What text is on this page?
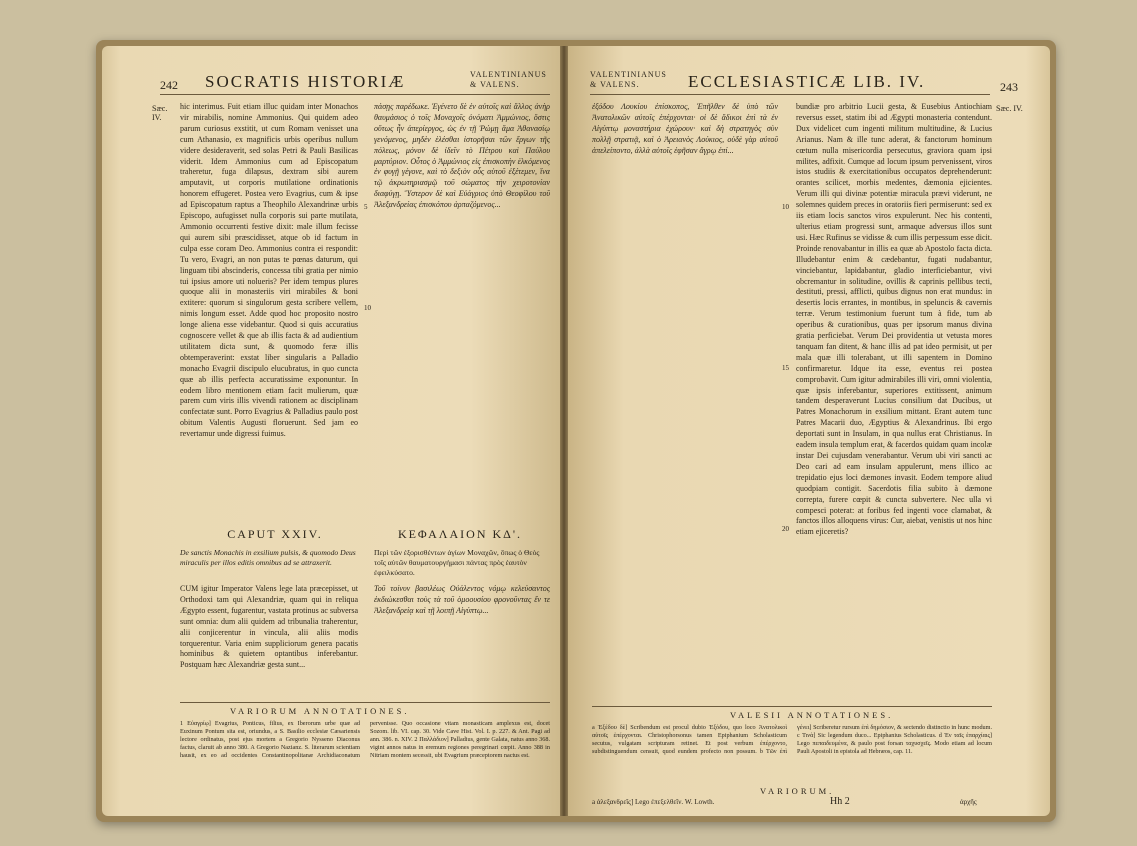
242 SOCRATIS HISTORIÆ	VALENTINIANUS
& VALENS.
Sæc. IV.
hic interimus. Fuit etiam illuc quidam inter Monachos vir mirabilis, nomine Ammonius. Qui quidem adeo parum curiosus exstitit, ut cum Romam venisset una cum Athanasio, ex magnificis urbis operibus nullum videre desideraverit, sed solas Petri & Pauli Basilicas viderit. Idem Ammonius cum ad Episcopatum traheretur, fuga dilapsus, dextram sibi aurem amputavit, ut corporis mutilatione ordinationis honorem effugeret. Postea vero Evagrius, cum & ipse ad Episcopatum raptus a Theophilo Alexandrinæ urbis Episcopo, aufugisset nulla corporis sui parte mutilata, Ammonio occurrenti festive dixit: male illum fecisse qui aurem sibi præscidisset, atque ob id factum in culpa esse coram Deo. Ammonius contra ei respondit: Tu vero, Evagri, an non putas te pœnas daturum, qui linguam tibi abscinderis, concessa tibi gratia per nimio tui ipsius amore uti nolueris? Per idem tempus plures quoque alii in monasteriis viri mirabiles & boni extitere: quorum si singulorum gesta scribere vellem, nimis longum esset. Adde quod hoc proposito nostro longe aliena esse videbantur. Quod si quis accuratius cognoscere vellet & que ab illis facta & ad audientium utilitatem dicta sunt, & quomodo feræ illis obtemperaverint: exstat liber singularis a Palladio monacho Evagrii discipulo elucubratus, in quo cuncta quæ ab illis perfecta accuratissime exponuntur. In eodem libro mentionem etiam facit mulierum, quæ parem cum viris illis vivendi rationem ac disciplinam confectatæ sunt. Porro Evagrius & Palladius paulo post obitum Valentis Augusti floruerunt. Sed jam eo revertamur unde digressi fuimus.
5
10
πάσῃς παρέδωκε. Ἐγένετο δὲ ἐν αὐτοῖς καὶ ἄλλος ἀνὴρ θαυμάσιος ὁ τοῖς Μοναχοῖς ὀνόματι Ἀμμώνιος, ὅστις οὕτως ἦν ἀπερίεργος, ὡς ἐν τῇ Ῥώμῃ ἅμα Ἀθανασίῳ γενόμενος, μηδὲν ἑλέσθαι ἱστορῆσαι τῶν ἔργων τῆς πόλεως, μόνον δὲ ἰδεῖν τὸ Πέτρου καὶ Παύλου μαρτύριον. Οὗτος ὁ Ἀμμώνιος εἰς ἐπισκοπὴν ἑλκόμενος ἐν φυγῇ γέγονε, καὶ τὸ δεξιὸν οὖς αὑτοῦ ἐξέτεμεν, ἵνα τῷ ἀκρωτηριασμῷ τοῦ σώματος τὴν χειροτονίαν διαφύγῃ. Ὕστερον δὲ καὶ Εὐάγριος ὑπὸ Θεοφίλου τοῦ Ἀλεξανδρείας ἐπισκόπου ἁρπαζόμενος...
CAPUT XXIV.	ΚΕΦΑΛΑΙΟΝ ΚΔ'.
De sanctis Monachis in exsilium pulsis, & quomodo Deus miraculis per illos editis omnibus ad se attraxerit.
Περὶ τῶν ἐξορισθέντων ἁγίων Μοναχῶν, ὅπως ὁ Θεὸς τοῖς αὐτῶν θαυματουργήμασι πάντας πρὸς ἑαυτὸν ἐφειλκύσατο.
CUM igitur Imperator Valens lege lata præcepisset, ut Orthodoxi tam qui Alexandriæ, quam qui in reliqua Ægypto essent, fugarentur, vastata protinus ac subversa sunt omnia: dum alii quidem ad tribunalia traherentur, alii conjicerentur in vincula, alii aliis modis torquerentur. Varia enim suppliciorum genera pacatis hominibus & quietem optantibus inferebantur. Postquam hæc Alexandriæ gesta sunt...
Τοῦ τοίνυν βασιλέως Οὐάλεντος νόμῳ κελεύσαντος ἐκδιώκεσθαι τοὺς τὰ τοῦ ὁμοουσίου φρονοῦντας ἔν τε Ἀλεξανδρείᾳ καὶ τῇ λοιπῇ Αἰγύπτῳ...
VARIORUM ANNOTATIONES.
1 Εὐαγρίῳ] Evagrius, Ponticus, filius, ex Iberorum urbe quæ ad Euxinum Pontum sita est, oriundus, a S. Basilio ecclesiæ Cæsariensis lectore ordinatus, post ejus mortem a Gregorio Nysseno Diaconus factus, claruit ab anno 380. A Gregorio Nazianz. S. literarum scientiam hausit, ex eo ad occidentes Constantinopolitanæ Archidiaconatum pervenisse. Quo occasione vitam monasticam amplexus est, docet Sozom. lib. VI. cap. 30. Vide Cave Hist. Vol. I. p. 227. & Ant. Pagi ad ann. 386. n. XIV. 2 Παλλάδιον] Palladius, gente Galata, natus anno 368. vigint annos natus in eremum regiones peregrinari cœpit. Anno 388 in Nitriam montem secessit, ubi Evagrium præceptorem nactus est.
VALENTINIANUS
& VALENS.	ECCLESIASTICÆ LIB. IV.	243
Sæc. IV.
ἐξόδου Λουκίου ἐπίσκοπος, Ἐπῆλθεν δὲ ὑπὸ τῶν Ἀνατολικῶν αὐτοῖς ἐπέρχονται· οἱ δὲ ἄδικοι ἐπὶ τὰ ἐν Αἰγύπτῳ μοναστήρια ἐχώρουν· καὶ δὴ στρατηγὸς σὺν πολλῇ στρατιᾷ, καὶ ὁ Ἀρειανὸς Λούκιος, οὐδὲ γὰρ αὐτοῦ ἀπελείποντο, ἀλλὰ αὐτοῖς ἐφῆσαν ἄγρῳ ἐπί...
10
15
20
bundiæ pro arbitrio Lucii gesta, & Eusebius Antiochiam reversus esset, statim ibi ad Ægypti monasteria contendunt. Dux videlicet cum ingenti militum multitudine, & Lucius Arianus. Nam & ille tunc aderat, & fanctorum hominum cœtum nulla misericordia persecutus, graviora quam ipsi milites, adfixit. Cumque ad locum ipsum pervenissent, viros istos studiis & exercitationibus occupatos deprehenderunt: orantes scilicet, morbis medentes, dæmonia ejicientes. Verum illi qui divinæ potentiæ miracula prævi viderunt, ne solemnes quidem preces in oratoriis fieri permiserunt: sed ex iis etiam locis sanctos viros expulerunt. Nec his contenti, ulterius etiam progressi sunt, armaque adversus illos sunt usi. Hæc Rufinus se vidisse & cum illis perpessum esse dicit. Proinde renovabantur in illis ea quæ ab Apostolo facta dicta. Illudebantur enim & cædebantur, fugati nudabantur, vinciebantur, lapidabantur, gladio interficiebantur, vivi obcremantur in solitudine, ovillis & caprinis pellibus tecti, destituti, pressi, afflicti, quibus dignus non erat mundus: in desertis locis errantes, in montibus, in speluncis & cavernis terræ. Verum testimonium fuerunt tum à fide, tum ab operibus & curationibus, quas per ipsorum manus divina gratia perficiebat. Verum Dei providentia ut vetusta mores tanquam fan ditent, & hanc illis ad pat ideo permisit, ut per mala quæ illi tolerabant, ut illi sapentem in Domino confirmaretur. Idque ita esse, eventus rei postea comprobavit. Cum igitur admirabiles illi viri, omni violentia, quæ ipsis inferebantur, superiores extitissent, animum tandem desperaverunt Lucius consilium dat Ducibus, ut Patres Monachorum in exsilium mittant. Erant autem tunc Patres Macarii duo, Ægyptius & Alexandrinus. Ibi ergo deportati sunt in Insulam, in qua nullus erat Christianus. In eadem insula templum erat, & facerdos quidam quam incolæ instar Dei cujusdam venerabantur. Verum ubi viri sancti ac Deo cari ad eam insulam appulerunt, mens illico ac trepidatio ejus loci dæmones invasit. Eodem tempore aliud quodpiam contigit. Sacerdotis filia subito à dæmone correpta, furere cœpit & cuncta subvertere. Nec ulla vi compesci poterat: at foribus fed ingenti voce clamabat, & fanctos illos alloquens virus: Cur, aiebat, venistis ut nos hinc etiam ejiceretis?
VALESII ANNOTATIONES.
a Ἐξέδου δὲ] Scribendum est procul dubio Ἐξόδου, quo loco Ἀνατολικοὶ αὐτοῖς ἐπέρχονται. Christophorsonus tamen Epiphanium Scholasticum secutus, vulgatam scripturam retinet. Et post verbum ἐπέρχοντο, subdistinguendum censuit, quod eundem profecto non possum. b Τῶν ἐπὶ γένει] Scriberetur rursum ἐπὶ δημόσιον, & sectendo distinctio in hunc modum. c Τινὰ] Sic legendum duco... Epiphanius Scholasticus. d Ἐν ταῖς ἐπαρχίαις] Lego πεπαιδευμένα, & paulo post forsan ταχυσχεῖς. Modo etiam ad locum Pauli Apostoli in epistola ad Hebræos, cap. 11.
VARIORUM.
a ἀλεξανδρεῖς] Lego ἐπεξελθεῖν. W. Lowth.	Hh 2	ἀρχῆς
